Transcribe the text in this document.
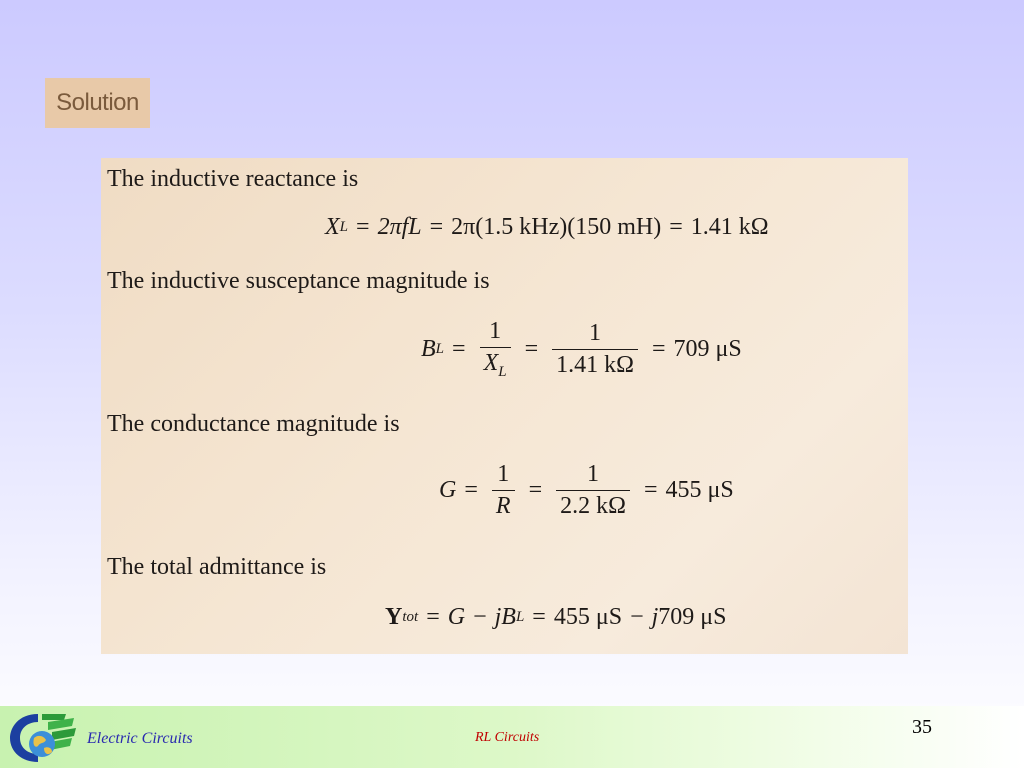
Solution
The inductive reactance is
X L = 2πfL = 2π(1.5 kHz)(150 mH) = 1.41 kΩ
The inductive susceptance magnitude is
B $L = \frac{1}{X_L} = \frac{1}{1.41 k\Omega} = 709$ μS
The conductance magnitude is
$G = \frac{1}{R} = \frac{1}{2.2 k\Omega} = 455$ μS
The total admittance is
Y tot = G − jB L = 455 μS − j 709 μS
Electric Circuits	RL Circuits	35
